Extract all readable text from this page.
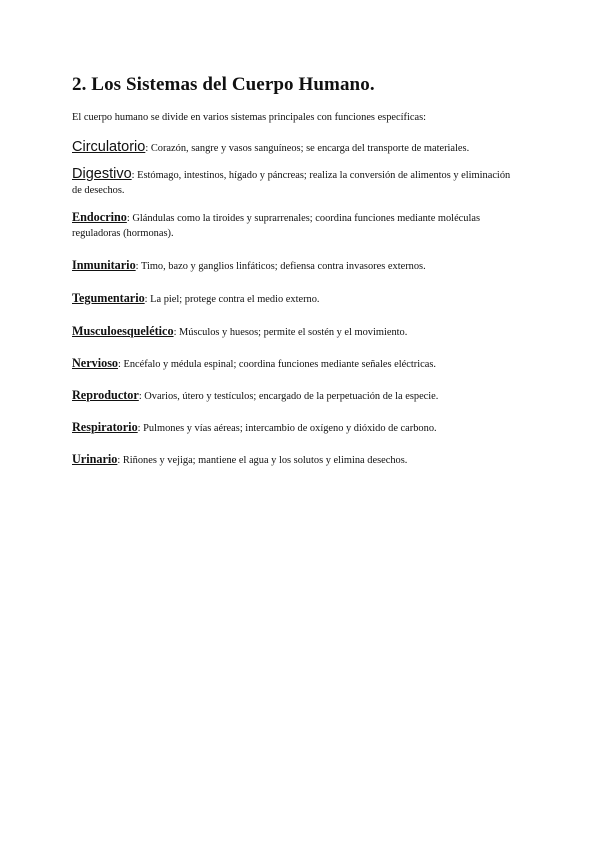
2. Los Sistemas del Cuerpo Humano.

El cuerpo humano se divide en varios sistemas principales con funciones específicas:

Circulatorio: Corazón, sangre y vasos sanguíneos; se encarga del transporte de materiales.

Digestivo: Estómago, intestinos, hígado y páncreas; realiza la conversión de alimentos y eliminación de desechos.

Endocrino: Glándulas como la tiroides y suprarrenales; coordina funciones mediante moléculas reguladoras (hormonas).

Inmunitario: Timo, bazo y ganglios linfáticos; defiensa contra invasores externos.

Tegumentario: La piel; protege contra el medio externo.

Musculoesquelético: Músculos y huesos; permite el sostén y el movimiento.

Nervioso: Encéfalo y médula espinal; coordina funciones mediante señales eléctricas.

Reproductor: Ovarios, útero y testículos; encargado de la perpetuación de la especie.

Respiratorio: Pulmones y vías aéreas; intercambio de oxígeno y dióxido de carbono.

Urinario: Riñones y vejiga; mantiene el agua y los solutos y elimina desechos.
